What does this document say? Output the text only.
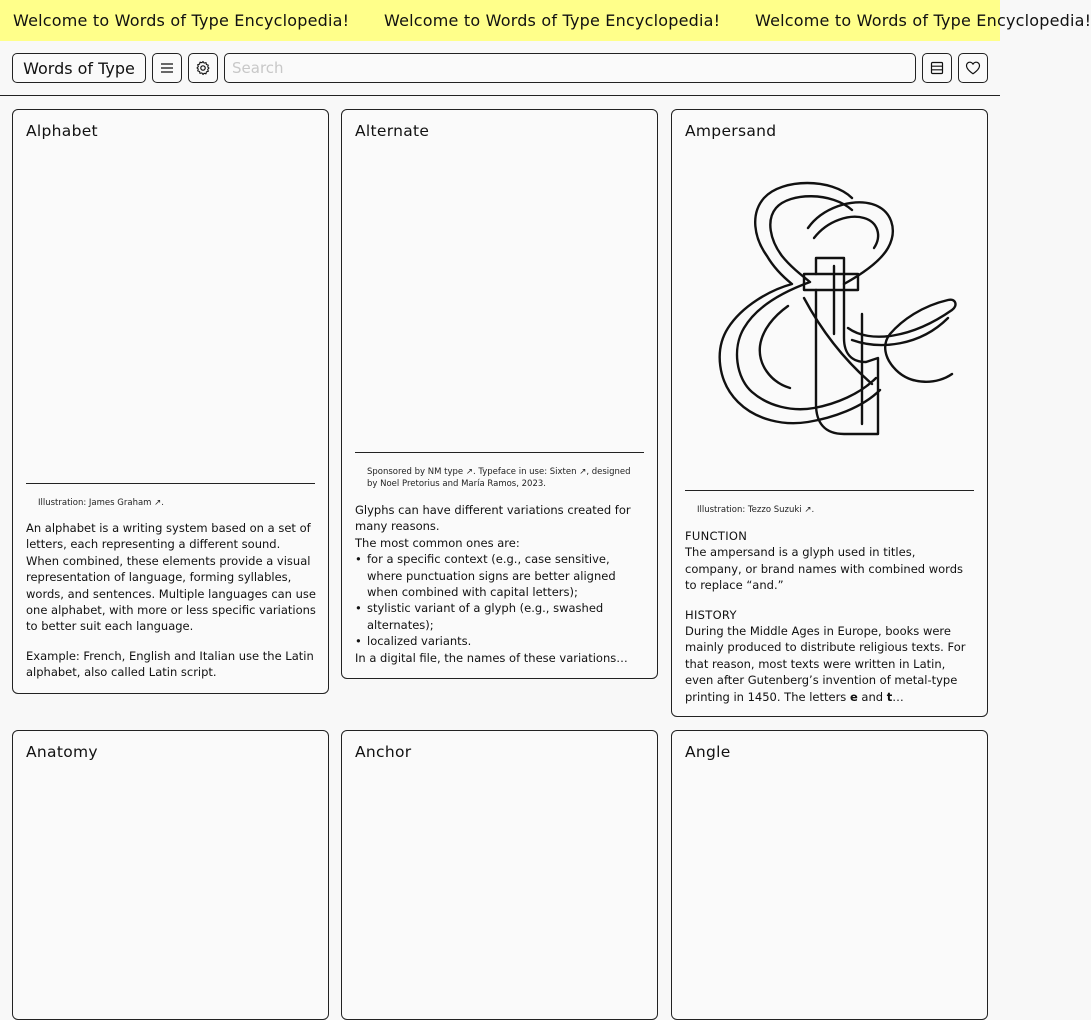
Welcome to Words of Type Encyclopedia! Welcome to Words of Type Encyclopedia! Welcome to Words of Type Encyclopedia!
Words of Type
Search
Alphabet
Illustration: James Graham ↗.

An alphabet is a writing system based on a set of letters, each representing a different sound. When combined, these elements provide a visual representation of language, forming syllables, words, and sentences. Multiple languages can use one alphabet, with more or less specific variations to better suit each language.

Example: French, English and Italian use the Latin alphabet, also called Latin script.

Alternate
Sponsored by NM type ↗. Typeface in use: Sixten ↗, designed by Noel Pretorius and María Ramos, 2023.

Glyphs can have different variations created for many reasons.

The most common ones are:

• for a specific context (e.g., case sensitive, where punctuation signs are better aligned when combined with capital letters);
• stylistic variant of a glyph (e.g., swashed alternates);
• localized variants.

In a digital file, the names of these variations…

Ampersand
Illustration: Tezzo Suzuki ↗.

FUNCTION

The ampersand is a glyph used in titles, company, or brand names with combined words to replace “and.”

HISTORY

During the Middle Ages in Europe, books were mainly produced to distribute religious texts. For that reason, most texts were written in Latin, even after Gutenberg’s invention of metal-type printing in 1450. The letters e and t…

Anatomy	Anchor	Angle
